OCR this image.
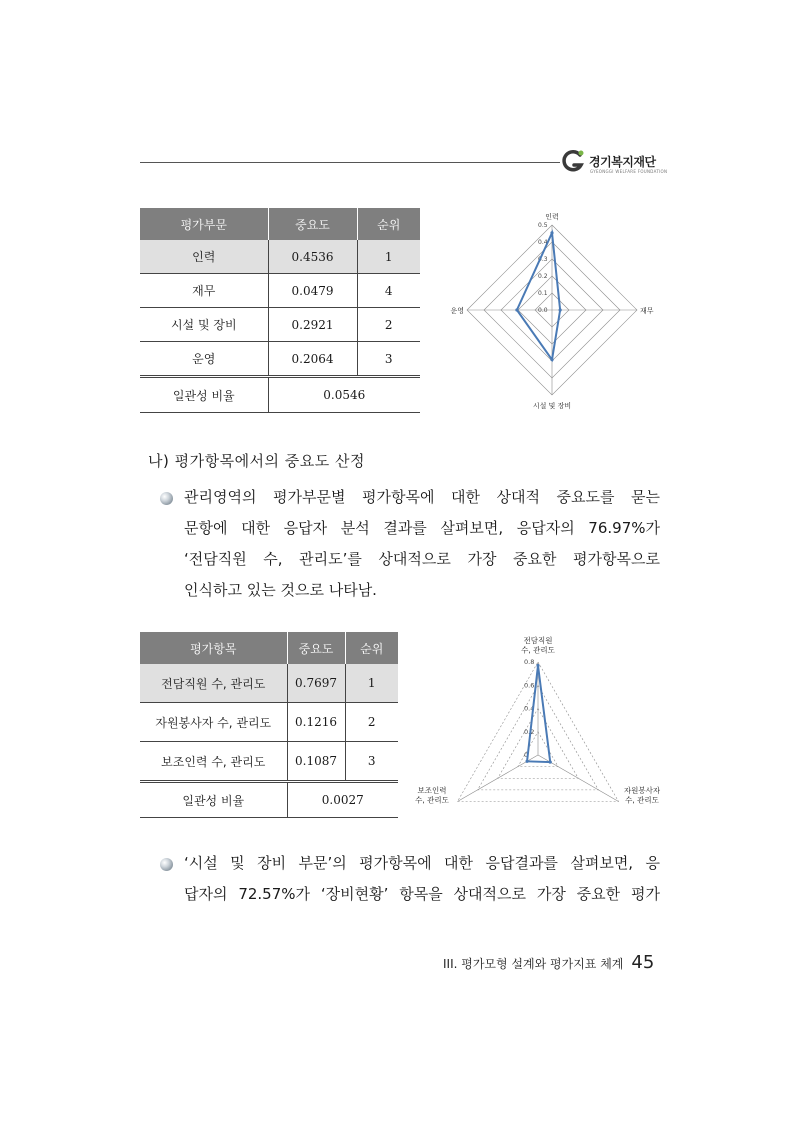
경기복지재단
GYEONGGI WELFARE FOUNDATION
평가부문	중요도	순위
인력	0.4536	1
재무	0.0479	4
시설 및 장비	0.2921	2
운영	0.2064	3
일관성 비율	0.0546	
0.0
0.1
0.2
0.3
0.4
0.5
인력
재무
시설 및 장비
운영
나) 평가항목에서의 중요도 산정
관리영역의 평가부문별 평가항목에 대한 상대적 중요도를 묻는
문항에 대한 응답자 분석 결과를 살펴보면, 응답자의 76.97%가
‘전담직원 수, 관리도’를 상대적으로 가장 중요한 평가항목으로
인식하고 있는 것으로 나타남.
평가항목	중요도	순위
전담직원 수, 관리도	0.7697	1
자원봉사자 수, 관리도	0.1216	2
보조인력 수, 관리도	0.1087	3
일관성 비율	0.0027	
0
0.2
0.4
0.6
0.8
전담직원 수, 관리도
자원봉사자 수, 관리도
보조인력 수, 관리도
‘시설 및 장비 부문’의 평가항목에 대한 응답결과를 살펴보면, 응
답자의 72.57%가 ‘장비현황’ 항목을 상대적으로 가장 중요한 평가
III. 평가모형 설계와 평가지표 체계 45
